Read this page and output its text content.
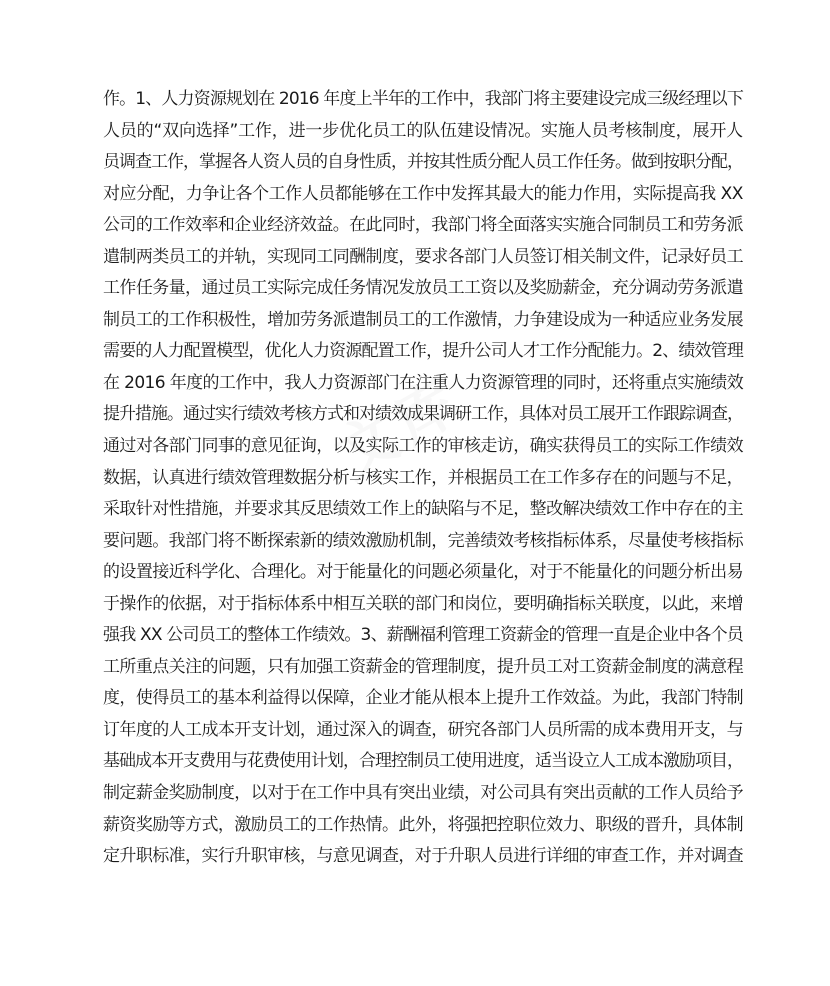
文库
作。1、人力资源规划在 2016 年度上半年的工作中，我部门将主要建设完成三级经理以下
人员的“双向选择”工作，进一步优化员工的队伍建设情况。实施人员考核制度，展开人
员调查工作，掌握各人资人员的自身性质，并按其性质分配人员工作任务。做到按职分配，
对应分配，力争让各个工作人员都能够在工作中发挥其最大的能力作用，实际提高我 XX
公司的工作效率和企业经济效益。在此同时，我部门将全面落实实施合同制员工和劳务派
遣制两类员工的并轨，实现同工同酬制度，要求各部门人员签订相关制文件，记录好员工
工作任务量，通过员工实际完成任务情况发放员工工资以及奖励薪金，充分调动劳务派遣
制员工的工作积极性，增加劳务派遣制员工的工作激情，力争建设成为一种适应业务发展
需要的人力配置模型，优化人力资源配置工作，提升公司人才工作分配能力。2、绩效管理
在 2016 年度的工作中，我人力资源部门在注重人力资源管理的同时，还将重点实施绩效
提升措施。通过实行绩效考核方式和对绩效成果调研工作，具体对员工展开工作跟踪调查，
通过对各部门同事的意见征询，以及实际工作的审核走访，确实获得员工的实际工作绩效
数据，认真进行绩效管理数据分析与核实工作，并根据员工在工作多存在的问题与不足，
采取针对性措施，并要求其反思绩效工作上的缺陷与不足，整改解决绩效工作中存在的主
要问题。我部门将不断探索新的绩效激励机制，完善绩效考核指标体系，尽量使考核指标
的设置接近科学化、合理化。对于能量化的问题必须量化，对于不能量化的问题分析出易
于操作的依据，对于指标体系中相互关联的部门和岗位，要明确指标关联度，以此，来增
强我 XX 公司员工的整体工作绩效。3、薪酬福利管理工资薪金的管理一直是企业中各个员
工所重点关注的问题，只有加强工资薪金的管理制度，提升员工对工资薪金制度的满意程
度，使得员工的基本利益得以保障，企业才能从根本上提升工作效益。为此，我部门特制
订年度的人工成本开支计划，通过深入的调查，研究各部门人员所需的成本费用开支，与
基础成本开支费用与花费使用计划，合理控制员工使用进度，适当设立人工成本激励项目，
制定薪金奖励制度，以对于在工作中具有突出业绩，对公司具有突出贡献的工作人员给予
薪资奖励等方式，激励员工的工作热情。此外，将强把控职位效力、职级的晋升，具体制
定升职标准，实行升职审核，与意见调查，对于升职人员进行详细的审查工作，并对调查
